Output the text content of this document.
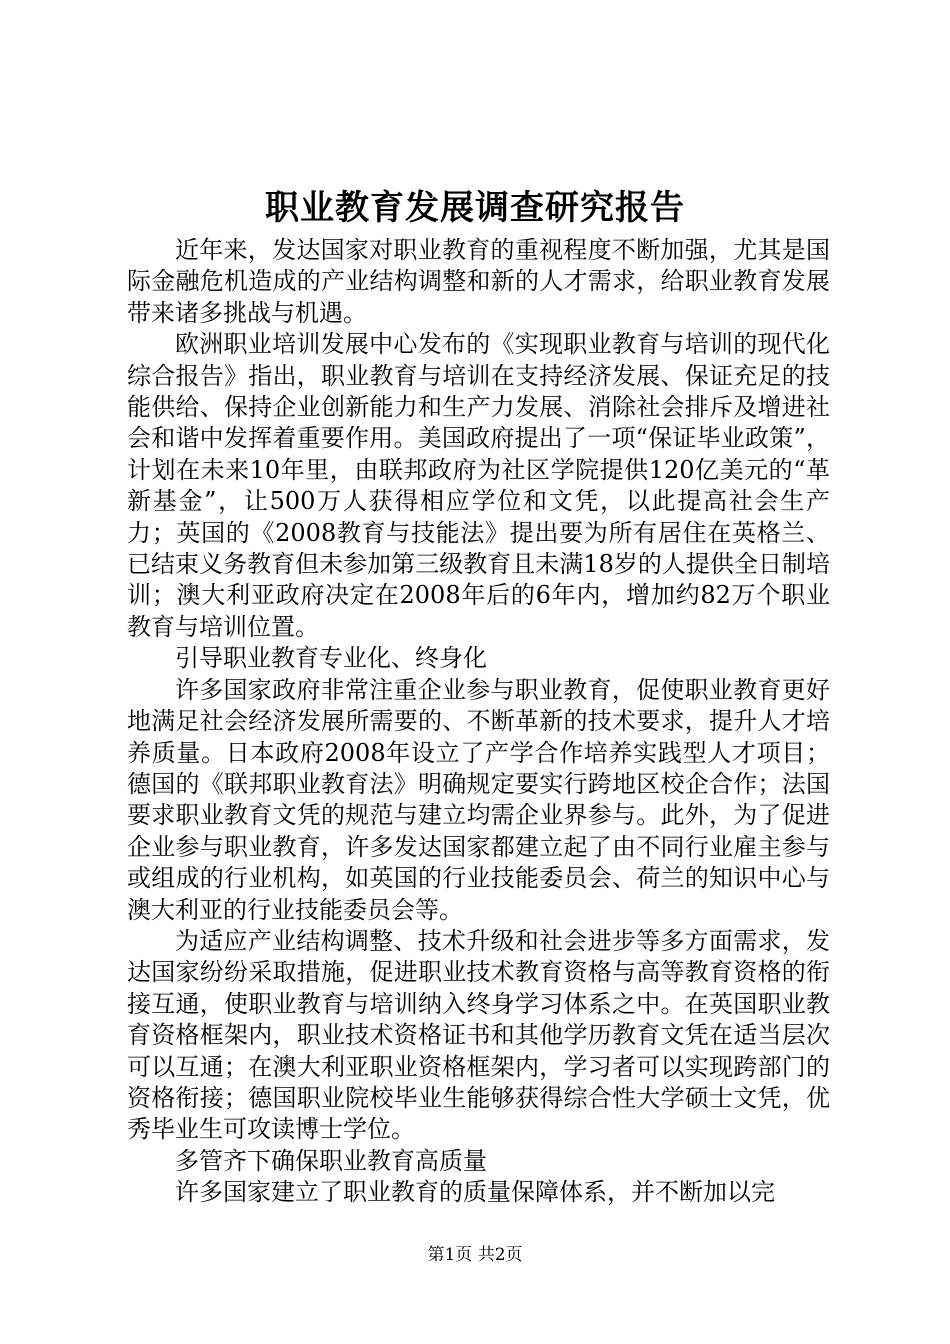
职业教育发展调查研究报告

近年来，发达国家对职业教育的重视程度不断加强，尤其是国际金融危机造成的产业结构调整和新的人才需求，给职业教育发展带来诸多挑战与机遇。

欧洲职业培训发展中心发布的《实现职业教育与培训的现代化综合报告》指出，职业教育与培训在支持经济发展、保证充足的技能供给、保持企业创新能力和生产力发展、消除社会排斥及增进社会和谐中发挥着重要作用。美国政府提出了一项“保证毕业政策”，计划在未来10年里，由联邦政府为社区学院提供120亿美元的“革新基金”，让500万人获得相应学位和文凭，以此提高社会生产力；英国的《2008教育与技能法》提出要为所有居住在英格兰、已结束义务教育但未参加第三级教育且未满18岁的人提供全日制培训；澳大利亚政府决定在2008年后的6年内，增加约82万个职业教育与培训位置。

引导职业教育专业化、终身化

许多国家政府非常注重企业参与职业教育，促使职业教育更好地满足社会经济发展所需要的、不断革新的技术要求，提升人才培养质量。日本政府2008年设立了产学合作培养实践型人才项目；德国的《联邦职业教育法》明确规定要实行跨地区校企合作；法国要求职业教育文凭的规范与建立均需企业界参与。此外，为了促进企业参与职业教育，许多发达国家都建立起了由不同行业雇主参与或组成的行业机构，如英国的行业技能委员会、荷兰的知识中心与澳大利亚的行业技能委员会等。

为适应产业结构调整、技术升级和社会进步等多方面需求，发达国家纷纷采取措施，促进职业技术教育资格与高等教育资格的衔接互通，使职业教育与培训纳入终身学习体系之中。在英国职业教育资格框架内，职业技术资格证书和其他学历教育文凭在适当层次可以互通；在澳大利亚职业资格框架内，学习者可以实现跨部门的资格衔接；德国职业院校毕业生能够获得综合性大学硕士文凭，优秀毕业生可攻读博士学位。

多管齐下确保职业教育高质量

许多国家建立了职业教育的质量保障体系，并不断加以完

第1页 共2页
